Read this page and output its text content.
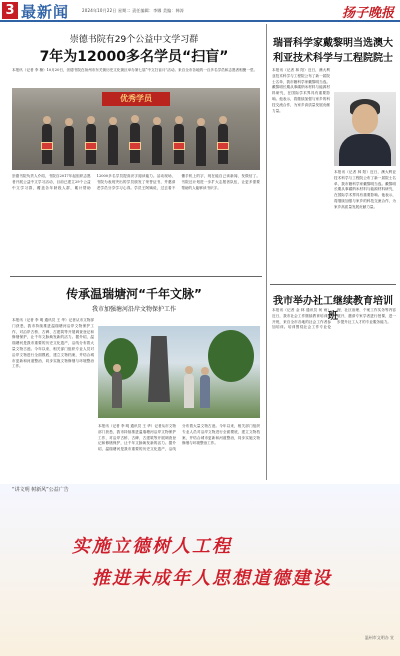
3 最新闻	2024年10月22日 星期二 责任编辑：李娜 美编：韩涛	扬子晚报
崇德书院有29个公益中文学习群
7年为12000多名学员“扫盲”
本报讯（记者 李 楠）10月20日，崇德书院在扬州市东关街历史文化街区举办第七届“中文扫盲月”活动。来自全市各地的一百多名学员和志愿者相聚一堂。
优秀学员
崇德书院负责人介绍，书院自2017年起组织志愿者开展公益中文学习活动，目前已建立29个公益中文学习群，覆盖各年龄段人群，累计帮助12000多名学员提高识字阅读能力。活动现场，书院为表现突出的学员颁发了荣誉证书，并邀请老学员分享学习心得。学员王阿姨说，过去看不懂手机上的字，现在能自己读新闻、发微信了。书院还计划进一步扩大志愿者队伍，让更多需要帮助的人能够读书识字。
传承温瑞塘河“千年文脉”
我市加强塘河沿岸文物保护工作
本报讯（记者 李 明 通讯员 王 华）记者从市文物部门获悉，我市持续推进温瑞塘河沿岸文物保护工作，对沿岸古桥、古碑、古建筑等开展调查登记和修缮保护，让千年文脉焕发新的活力。据介绍，温瑞塘河是我市重要的历史文化遗产，沿线分布着大量文物古迹。今年以来，相关部门组织专业人员对沿岸文物进行全面摸底，建立文物档案，并结合城市更新和河道整治，同步实施文物修缮与环境整治工作。
本报讯（记者 李 明 通讯员 王 华）记者从市文物部门获悉，我市持续推进温瑞塘河沿岸文物保护工作，对沿岸古桥、古碑、古建筑等开展调查登记和修缮保护，让千年文脉焕发新的活力。据介绍，温瑞塘河是我市重要的历史文化遗产，沿线分布着大量文物古迹。今年以来，相关部门组织专业人员对沿岸文物进行全面摸底，建立文物档案，并结合城市更新和河道整治，同步实施文物修缮与环境整治工作。
瑞晋科学家戴黎明当选澳大利亚技术科学与工程院院士
本报讯（记者 林 阳）近日，澳大利亚技术科学与工程院公布了新一届院士名单，我市籍科学家戴黎明当选。戴黎明长期从事碳纳米材料与能源材料研究，在国际学术界具有重要影响。他表示，将继续加强与家乡的科技交流合作，为家乡高质量发展贡献力量。
本报讯（记者 林 阳）近日，澳大利亚技术科学与工程院公布了新一届院士名单，我市籍科学家戴黎明当选。戴黎明长期从事碳纳米材料与能源材料研究，在国际学术界具有重要影响。他表示，将继续加强与家乡的科技交流合作，为家乡高质量发展贡献力量。
我市举办社工继续教育培训班
本报讯（记者 金 林 通讯员 何 雨）近日，我市社会工作继续教育培训班开班，来自全市各地的社会工作者参加培训。培训围绕社会工作专业伦理、社区治理、个案工作实务等内容展开，邀请专家学者进行授课，进一步提升社工人才的专业服务能力。
“讲文明 树新风”公益广告
实施立德树人工程
推进未成年人思想道德建设
温州市文明办 宣
